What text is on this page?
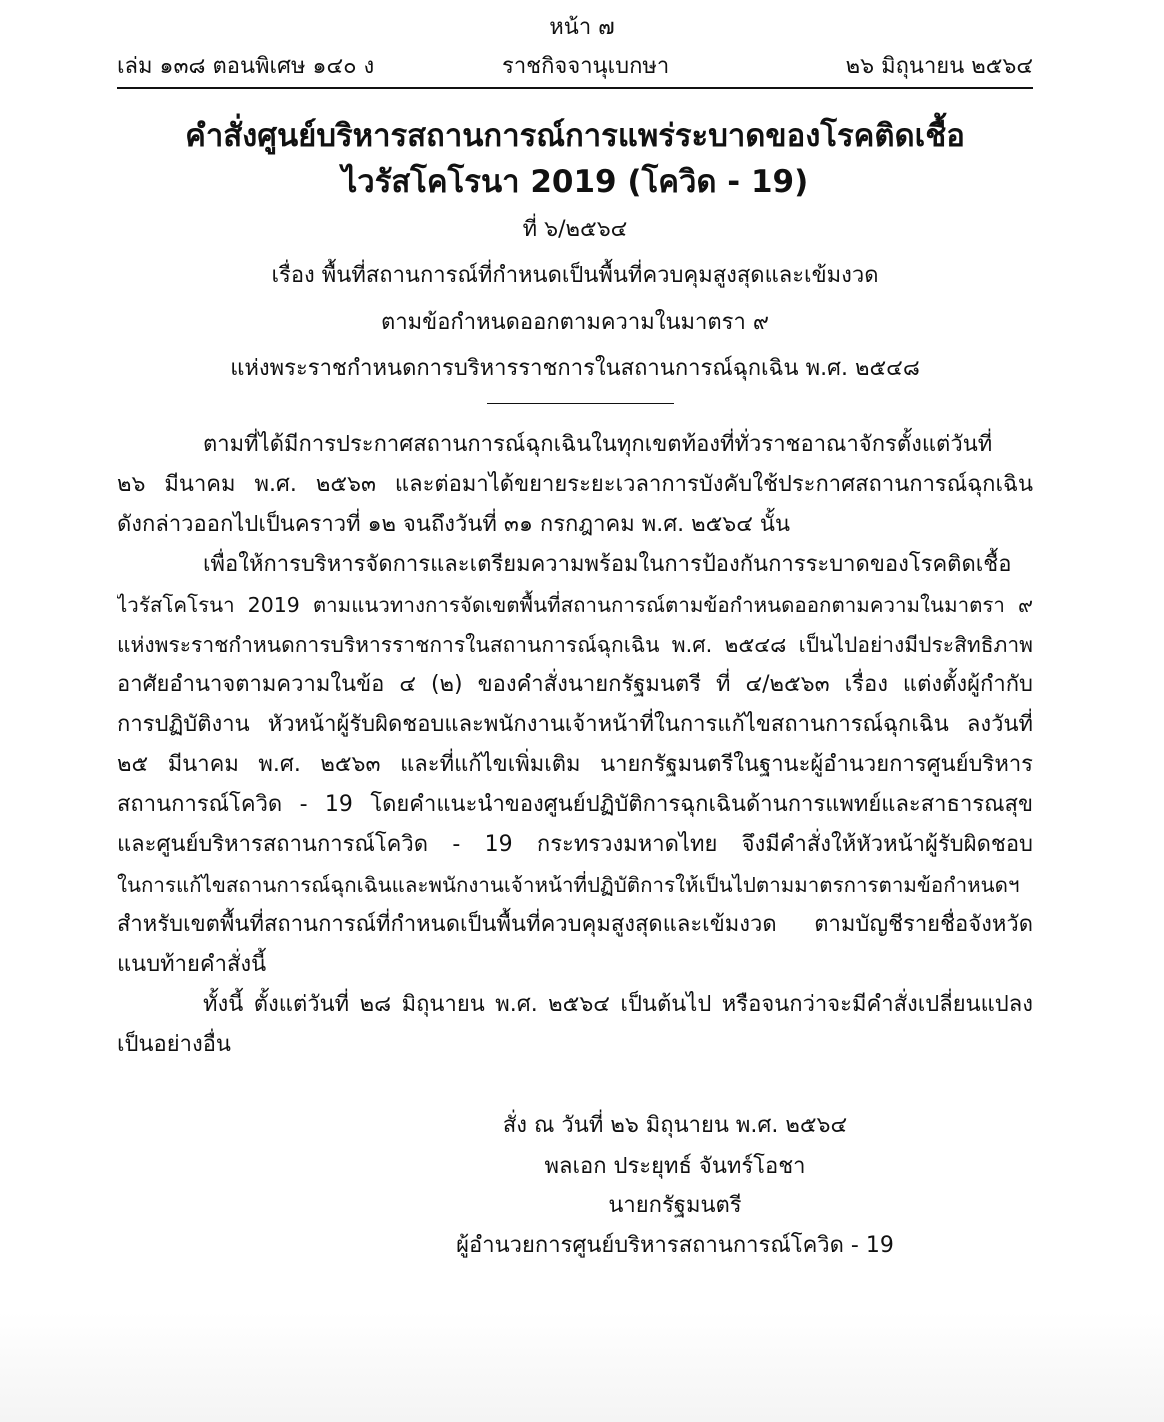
หน้า ๗
เล่ม ๑๓๘ ตอนพิเศษ ๑๔๐ ง	ราชกิจจานุเบกษา	๒๖ มิถุนายน ๒๕๖๔
คำสั่งศูนย์บริหารสถานการณ์การแพร่ระบาดของโรคติดเชื้อ
ไวรัสโคโรนา 2019 (โควิด - 19)
ที่ ๖/๒๕๖๔
เรื่อง พื้นที่สถานการณ์ที่กำหนดเป็นพื้นที่ควบคุมสูงสุดและเข้มงวด
ตามข้อกำหนดออกตามความในมาตรา ๙
แห่งพระราชกำหนดการบริหารราชการในสถานการณ์ฉุกเฉิน พ.ศ. ๒๕๔๘
ตามที่ได้มีการประกาศสถานการณ์ฉุกเฉินในทุกเขตท้องที่ทั่วราชอาณาจักรตั้งแต่วันที่
๒๖ มีนาคม พ.ศ. ๒๕๖๓ และต่อมาได้ขยายระยะเวลาการบังคับใช้ประกาศสถานการณ์ฉุกเฉิน
ดังกล่าวออกไปเป็นคราวที่ ๑๒ จนถึงวันที่ ๓๑ กรกฎาคม พ.ศ. ๒๕๖๔ นั้น
เพื่อให้การบริหารจัดการและเตรียมความพร้อมในการป้องกันการระบาดของโรคติดเชื้อ
ไวรัสโคโรนา 2019 ตามแนวทางการจัดเขตพื้นที่สถานการณ์ตามข้อกำหนดออกตามความในมาตรา ๙
แห่งพระราชกำหนดการบริหารราชการในสถานการณ์ฉุกเฉิน พ.ศ. ๒๕๔๘ เป็นไปอย่างมีประสิทธิภาพ
อาศัยอำนาจตามความในข้อ ๔ (๒) ของคำสั่งนายกรัฐมนตรี ที่ ๔/๒๕๖๓ เรื่อง แต่งตั้งผู้กำกับ
การปฏิบัติงาน หัวหน้าผู้รับผิดชอบและพนักงานเจ้าหน้าที่ในการแก้ไขสถานการณ์ฉุกเฉิน ลงวันที่
๒๕ มีนาคม พ.ศ. ๒๕๖๓ และที่แก้ไขเพิ่มเติม นายกรัฐมนตรีในฐานะผู้อำนวยการศูนย์บริหาร
สถานการณ์โควิด - 19 โดยคำแนะนำของศูนย์ปฏิบัติการฉุกเฉินด้านการแพทย์และสาธารณสุข
และศูนย์บริหารสถานการณ์โควิด - 19 กระทรวงมหาดไทย จึงมีคำสั่งให้หัวหน้าผู้รับผิดชอบ
ในการแก้ไขสถานการณ์ฉุกเฉินและพนักงานเจ้าหน้าที่ปฏิบัติการให้เป็นไปตามมาตรการตามข้อกำหนดฯ
สำหรับเขตพื้นที่สถานการณ์ที่กำหนดเป็นพื้นที่ควบคุมสูงสุดและเข้มงวด ตามบัญชีรายชื่อจังหวัด
แนบท้ายคำสั่งนี้
ทั้งนี้ ตั้งแต่วันที่ ๒๘ มิถุนายน พ.ศ. ๒๕๖๔ เป็นต้นไป หรือจนกว่าจะมีคำสั่งเปลี่ยนแปลง
เป็นอย่างอื่น
สั่ง ณ วันที่ ๒๖ มิถุนายน พ.ศ. ๒๕๖๔
พลเอก ประยุทธ์ จันทร์โอชา
นายกรัฐมนตรี
ผู้อำนวยการศูนย์บริหารสถานการณ์โควิด - 19
